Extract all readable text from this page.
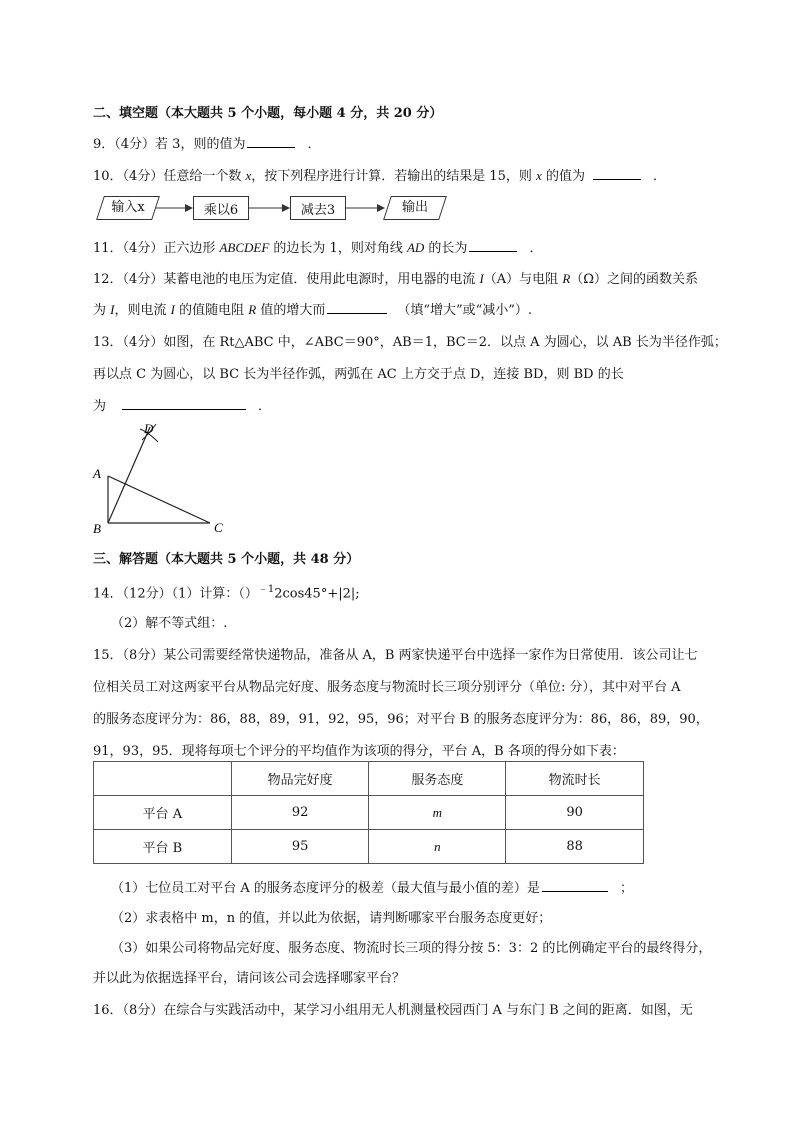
二、填空题（本大题共 5 个小题，每小题 4 分，共 20 分）
9．（4分）若 3，则的值为	．
10．（4分）任意给一个数 x，按下列程序进行计算．若输出的结果是 15，则 x 的值为	．
输入x	乘以6	减去3	输出
11．（4分）正六边形 ABCDEF 的边长为 1，则对角线 AD 的长为	．
12．（4分）某蓄电池的电压为定值．使用此电源时，用电器的电流 I（A）与电阻 R（Ω）之间的函数关系
为 I，则电流 I 的值随电阻 R 值的增大而	（填“增大”或“减小”）.
13．（4分）如图，在 Rt△ABC 中，∠ABC＝90°，AB＝1，BC＝2．以点 A 为圆心，以 AB 长为半径作弧；
再以点 C 为圆心，以 BC 长为半径作弧，两弧在 AC 上方交于点 D，连接 BD，则 BD 的长
为	．
D
A
B	C
三、解答题（本大题共 5 个小题，共 48 分）
14．（12分）（1）计算：（）$^{﹣1}$2cos45°+|2|;
（2）解不等式组：.
15．（8分）某公司需要经常快递物品，准备从 A，B 两家快递平台中选择一家作为日常使用．该公司让七
位相关员工对这两家平台从物品完好度、服务态度与物流时长三项分别评分（单位: 分），其中对平台 A
的服务态度评分为：86，88，89，91，92，95，96；对平台 B 的服务态度评分为：86，86，89，90，
91，93，95．现将每项七个评分的平均值作为该项的得分，平台 A，B 各项的得分如下表：
	物品完好度	服务态度	物流时长
平台 A	92	m	90
平台 B	95	n	88
（1）七位员工对平台 A 的服务态度评分的极差（最大值与最小值的差）是	；
（2）求表格中 m，n 的值，并以此为依据，请判断哪家平台服务态度更好；
（3）如果公司将物品完好度、服务态度、物流时长三项的得分按 5：3：2 的比例确定平台的最终得分，
并以此为依据选择平台，请问该公司会选择哪家平台？
16．（8分）在综合与实践活动中，某学习小组用无人机测量校园西门 A 与东门 B 之间的距离．如图，无
